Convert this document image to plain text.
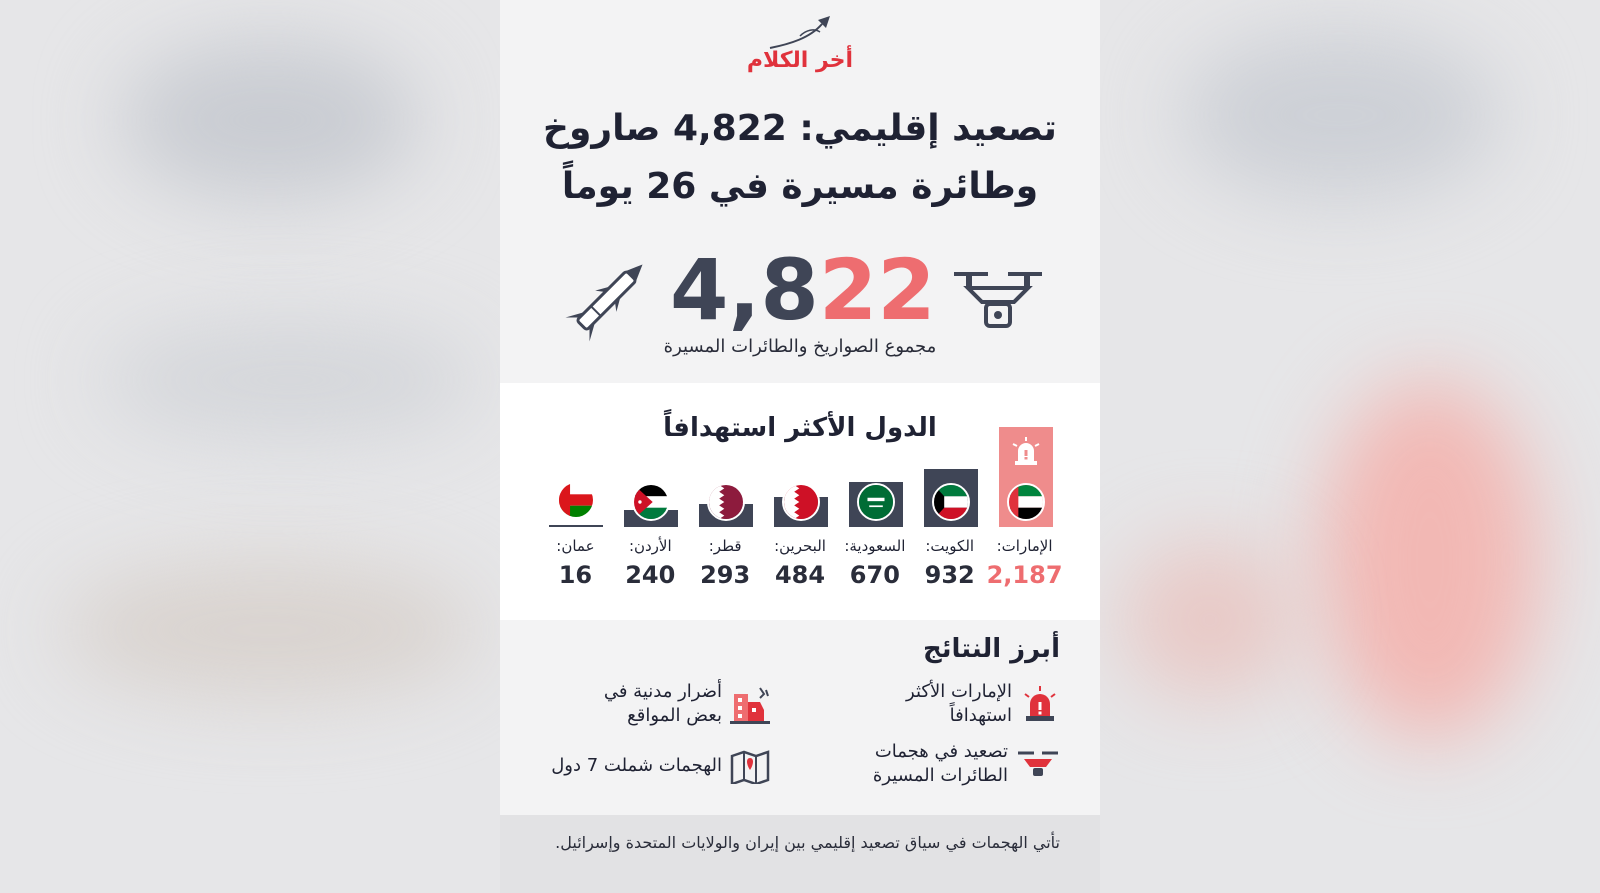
أخر الكلام
تصعيد إقليمي: 4,822 صاروخ
وطائرة مسيرة في 26 يوماً
4,822
مجموع الصواريخ والطائرات المسيرة
الدول الأكثر استهدافاً
الإمارات:
2,187
الكويت:
932
السعودية:
670
البحرين:
484
قطر:
293
الأردن:
240
عمان:
16
أبرز النتائج
الإمارات الأكثر
استهدافاً
أضرار مدنية في
بعض المواقع
تصعيد في هجمات
الطائرات المسيرة
الهجمات شملت 7 دول
تأتي الهجمات في سياق تصعيد إقليمي بين إيران والولايات المتحدة وإسرائيل.
